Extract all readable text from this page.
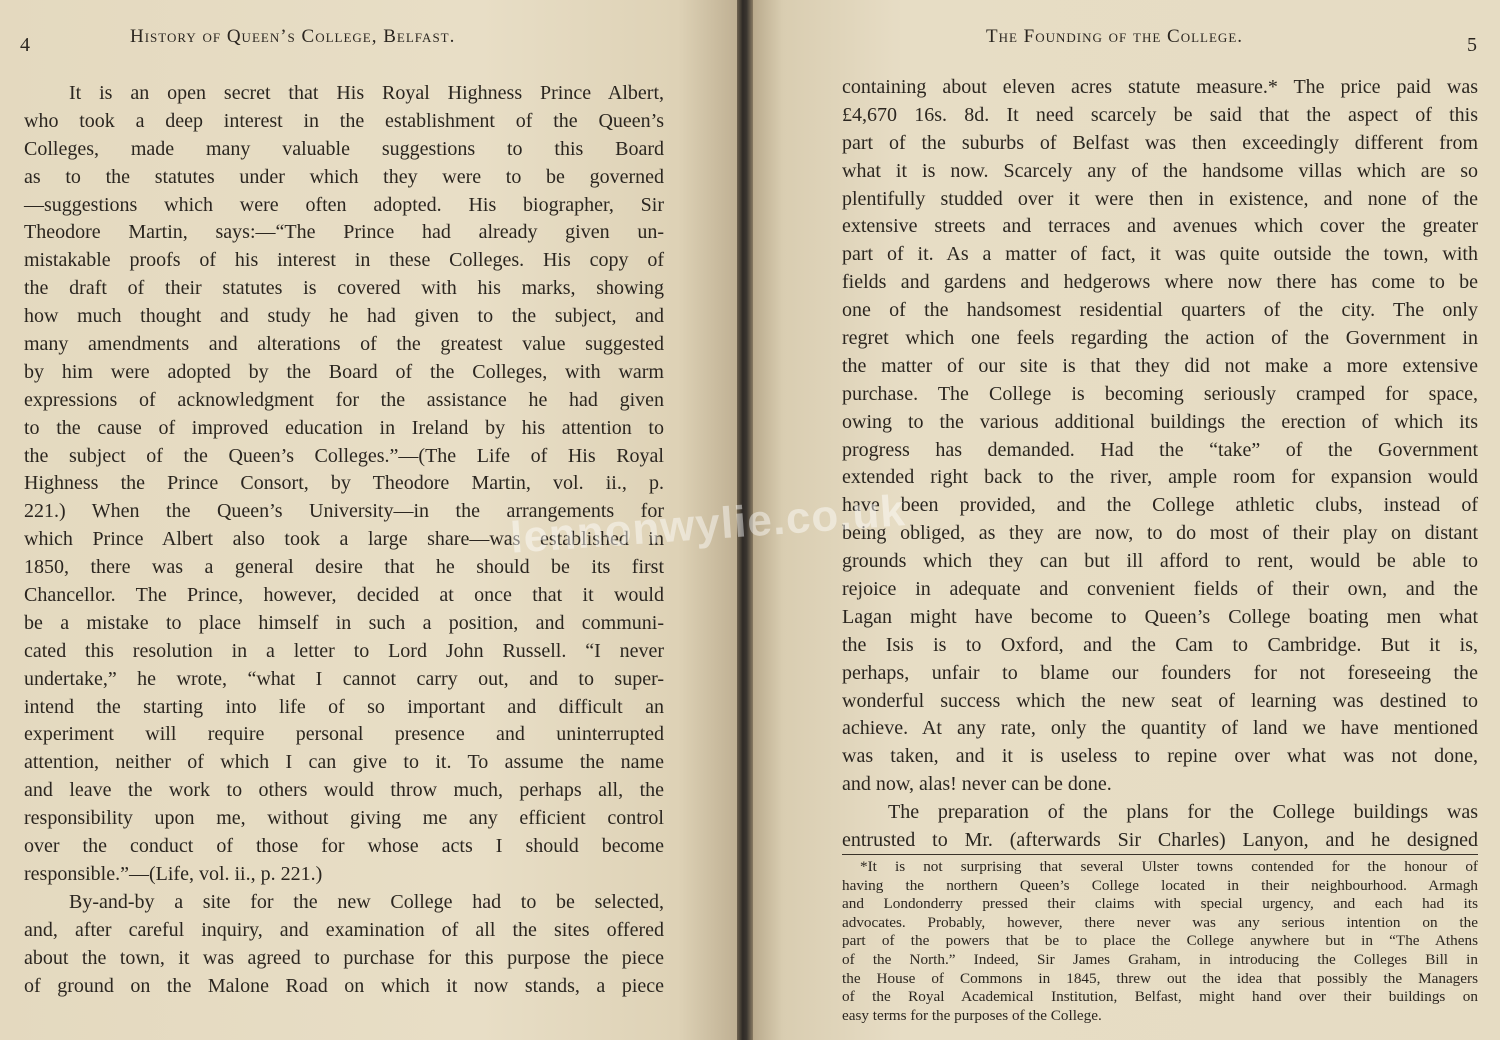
4	History of Queen’s College, Belfast.
It is an open secret that His Royal Highness Prince Albert,
who took a deep interest in the establishment of the Queen’s
Colleges, made many valuable suggestions to this Board
as to the statutes under which they were to be governed
—suggestions which were often adopted. His biographer, Sir
Theodore Martin, says:—“The Prince had already given un-
mistakable proofs of his interest in these Colleges. His copy of
the draft of their statutes is covered with his marks, showing
how much thought and study he had given to the subject, and
many amendments and alterations of the greatest value suggested
by him were adopted by the Board of the Colleges, with warm
expressions of acknowledgment for the assistance he had given
to the cause of improved education in Ireland by his attention to
the subject of the Queen’s Colleges.”—(The Life of His Royal
Highness the Prince Consort, by Theodore Martin, vol. ii., p.
221.) When the Queen’s University—in the arrangements for
which Prince Albert also took a large share—was established in
1850, there was a general desire that he should be its first
Chancellor. The Prince, however, decided at once that it would
be a mistake to place himself in such a position, and communi-
cated this resolution in a letter to Lord John Russell. “I never
undertake,” he wrote, “what I cannot carry out, and to super-
intend the starting into life of so important and difficult an
experiment will require personal presence and uninterrupted
attention, neither of which I can give to it. To assume the name
and leave the work to others would throw much, perhaps all, the
responsibility upon me, without giving me any efficient control
over the conduct of those for whose acts I should become
responsible.”—(Life, vol. ii., p. 221.)
By-and-by a site for the new College had to be selected,
and, after careful inquiry, and examination of all the sites offered
about the town, it was agreed to purchase for this purpose the piece
of ground on the Malone Road on which it now stands, a piece
The Founding of the College.	5
containing about eleven acres statute measure.* The price paid was
£4,670 16s. 8d. It need scarcely be said that the aspect of this
part of the suburbs of Belfast was then exceedingly different from
what it is now. Scarcely any of the handsome villas which are so
plentifully studded over it were then in existence, and none of the
extensive streets and terraces and avenues which cover the greater
part of it. As a matter of fact, it was quite outside the town, with
fields and gardens and hedgerows where now there has come to be
one of the handsomest residential quarters of the city. The only
regret which one feels regarding the action of the Government in
the matter of our site is that they did not make a more extensive
purchase. The College is becoming seriously cramped for space,
owing to the various additional buildings the erection of which its
progress has demanded. Had the “take” of the Government
extended right back to the river, ample room for expansion would
have been provided, and the College athletic clubs, instead of
being obliged, as they are now, to do most of their play on distant
grounds which they can but ill afford to rent, would be able to
rejoice in adequate and convenient fields of their own, and the
Lagan might have become to Queen’s College boating men what
the Isis is to Oxford, and the Cam to Cambridge. But it is,
perhaps, unfair to blame our founders for not foreseeing the
wonderful success which the new seat of learning was destined to
achieve. At any rate, only the quantity of land we have mentioned
was taken, and it is useless to repine over what was not done,
and now, alas! never can be done.
The preparation of the plans for the College buildings was
entrusted to Mr. (afterwards Sir Charles) Lanyon, and he designed
*It is not surprising that several Ulster towns contended for the honour of
having the northern Queen’s College located in their neighbourhood. Armagh
and Londonderry pressed their claims with special urgency, and each had its
advocates. Probably, however, there never was any serious intention on the
part of the powers that be to place the College anywhere but in “The Athens
of the North.” Indeed, Sir James Graham, in introducing the Colleges Bill in
the House of Commons in 1845, threw out the idea that possibly the Managers
of the Royal Academical Institution, Belfast, might hand over their buildings on
easy terms for the purposes of the College.
lennonwylie.co.uk
